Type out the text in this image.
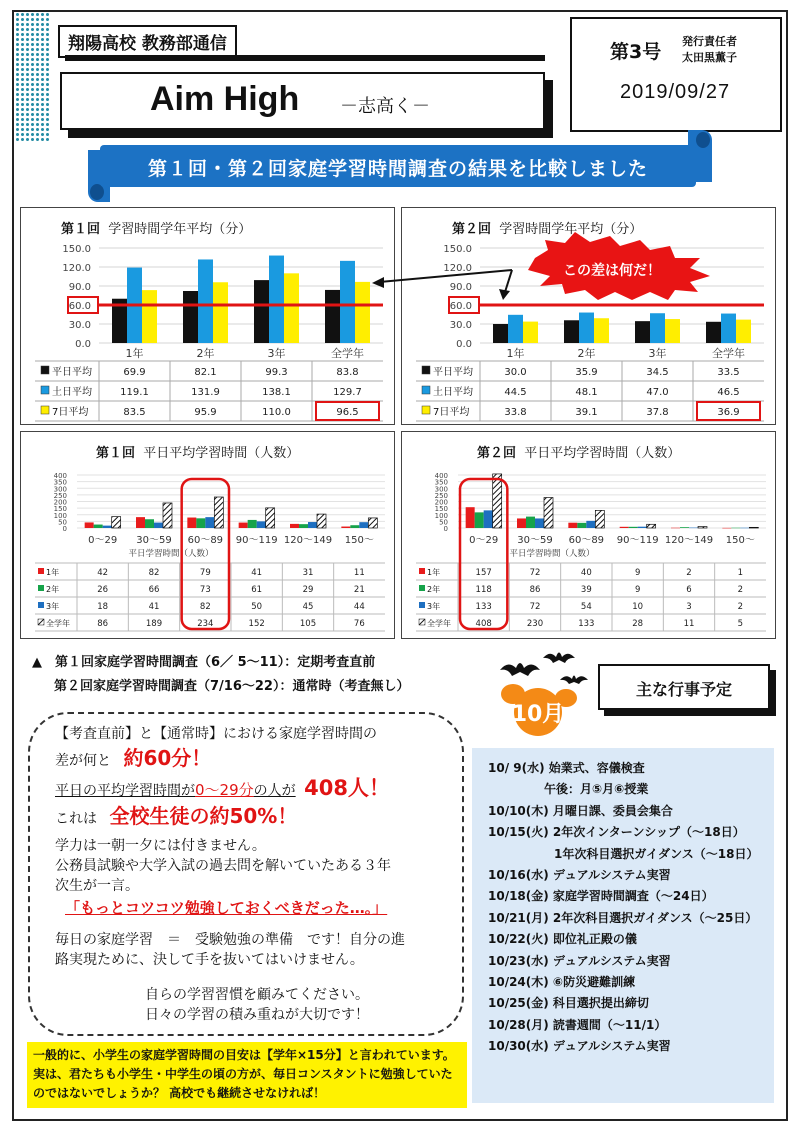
翔陽高校 教務部通信
Aim High －志高く－
第3号 発行責任者
太田黒薫子
2019/09/27
第１回・第２回家庭学習時間調査の結果を比較しました
第１回 学習時間学年平均（分）
0.0
30.0
60.0
90.0
120.0
150.0
1年	2年	3年	全学年
平日平均	69.9	82.1	99.3	83.8
土日平均	119.1	131.9	138.1	129.7
7日平均	83.5	95.9	110.0	96.5
第２回 学習時間学年平均（分）
0.0
30.0
60.0
90.0
120.0
150.0
1年	2年	3年	全学年
平日平均	30.0	35.9	34.5	33.5
土日平均	44.5	48.1	47.0	46.5
7日平均	33.8	39.1	37.8	36.9
第１回 平日平均学習時間（人数）
0
50
100
150
200
250
300
350
400
0～29 30～59 60～89 90～119 120～149 150～
平日学習時間（人数）
1年	42	82	79	41	31	11
2年	26	66	73	61	29	21
3年	18	41	82	50	45	44
全学年	86	189	234	152	105	76
第２回 平日平均学習時間（人数）
0
50
100
150
200
250
300
350
400
0～29 30～59 60～89 90～119 120～149 150～
平日学習時間（人数）
1年	157	72	40	9	2	1
2年	118	86	39	9	6	2
3年	133	72	54	10	3	2
全学年	408	230	133	28	11	5
この差は何だ！
▲　第１回家庭学習時間調査（6／ 5～11）：定期考査直前
第２回家庭学習時間調査（7/16～22）：通常時（考査無し）
10月
主な行事予定
10/ 9(水) 始業式、容儀検査
午後：月⑤月⑥授業
10/10(木) 月曜日課、委員会集合
10/15(火) 2年次インターンシップ（～18日）
1年次科目選択ガイダンス（～18日）
10/16(水) デュアルシステム実習
10/18(金) 家庭学習時間調査（～24日）
10/21(月) 2年次科目選択ガイダンス（～25日）
10/22(火) 即位礼正殿の儀
10/23(水) デュアルシステム実習
10/24(木) ⑥防災避難訓練
10/25(金) 科目選択提出締切
10/28(月) 読書週間（～11/1）
10/30(水) デュアルシステム実習
【考査直前】と【通常時】における家庭学習時間の
差が何と 約60分！
平日の平均学習時間が0～29分の人が 408人！
これは 全校生徒の約50%！
学力は一朝一夕には付きません。
公務員試験や大学入試の過去問を解いていたある３年
次生が一言。
「もっとコツコツ勉強しておくべきだった…。」
毎日の家庭学習　＝　受験勉強の準備　です！自分の進
路実現ために、決して手を抜いてはいけません。
自らの学習習慣を顧みてください。
日々の学習の積み重ねが大切です！
一般的に、小学生の家庭学習時間の目安は【学年×15分】と言われています。実は、君たちも小学生・中学生の頃の方が、毎日コンスタントに勉強していたのではないでしょうか？ 高校でも継続させなければ！
